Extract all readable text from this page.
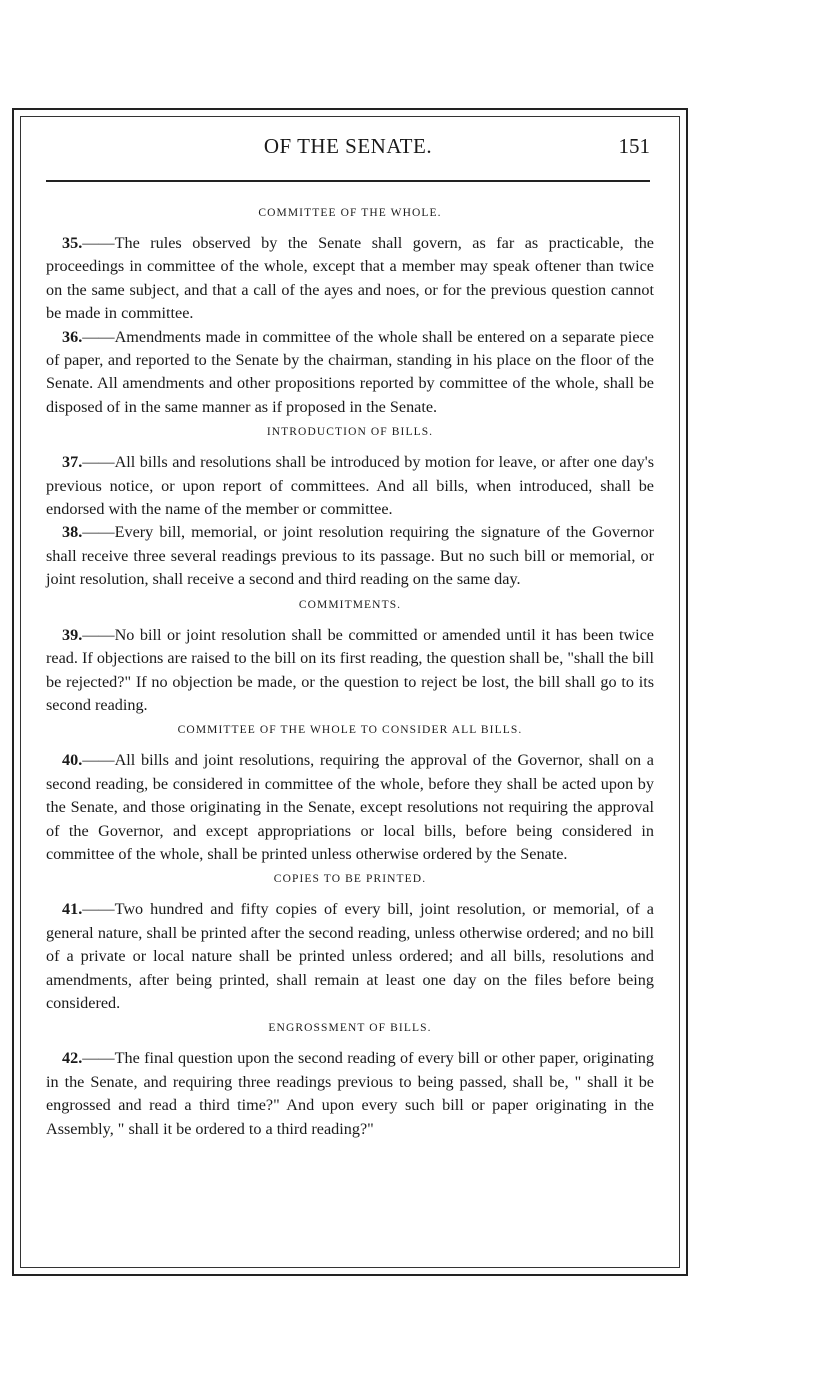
OF THE SENATE.	151
COMMITTEE OF THE WHOLE.

35.——The rules observed by the Senate shall govern, as far as practicable, the proceedings in committee of the whole, except that a member may speak oftener than twice on the same subject, and that a call of the ayes and noes, or for the previous question cannot be made in committee.

36.——Amendments made in committee of the whole shall be entered on a separate piece of paper, and reported to the Senate by the chairman, standing in his place on the floor of the Senate. All amendments and other propositions reported by committee of the whole, shall be disposed of in the same manner as if proposed in the Senate.

INTRODUCTION OF BILLS.

37.——All bills and resolutions shall be introduced by motion for leave, or after one day's previous notice, or upon report of committees. And all bills, when introduced, shall be endorsed with the name of the member or committee.

38.——Every bill, memorial, or joint resolution requiring the signature of the Governor shall receive three several readings previous to its passage. But no such bill or memorial, or joint resolution, shall receive a second and third reading on the same day.

COMMITMENTS.

39.——No bill or joint resolution shall be committed or amended until it has been twice read. If objections are raised to the bill on its first reading, the question shall be, "shall the bill be rejected?" If no objection be made, or the question to reject be lost, the bill shall go to its second reading.

COMMITTEE OF THE WHOLE TO CONSIDER ALL BILLS.

40.——All bills and joint resolutions, requiring the approval of the Governor, shall on a second reading, be considered in committee of the whole, before they shall be acted upon by the Senate, and those originating in the Senate, except resolutions not requiring the approval of the Governor, and except appropriations or local bills, before being considered in committee of the whole, shall be printed unless otherwise ordered by the Senate.

COPIES TO BE PRINTED.

41.——Two hundred and fifty copies of every bill, joint resolution, or memorial, of a general nature, shall be printed after the second reading, unless otherwise ordered; and no bill of a private or local nature shall be printed unless ordered; and all bills, resolutions and amendments, after being printed, shall remain at least one day on the files before being considered.

ENGROSSMENT OF BILLS.

42.——The final question upon the second reading of every bill or other paper, originating in the Senate, and requiring three readings previous to being passed, shall be, " shall it be engrossed and read a third time?" And upon every such bill or paper originating in the Assembly, " shall it be ordered to a third reading?"
